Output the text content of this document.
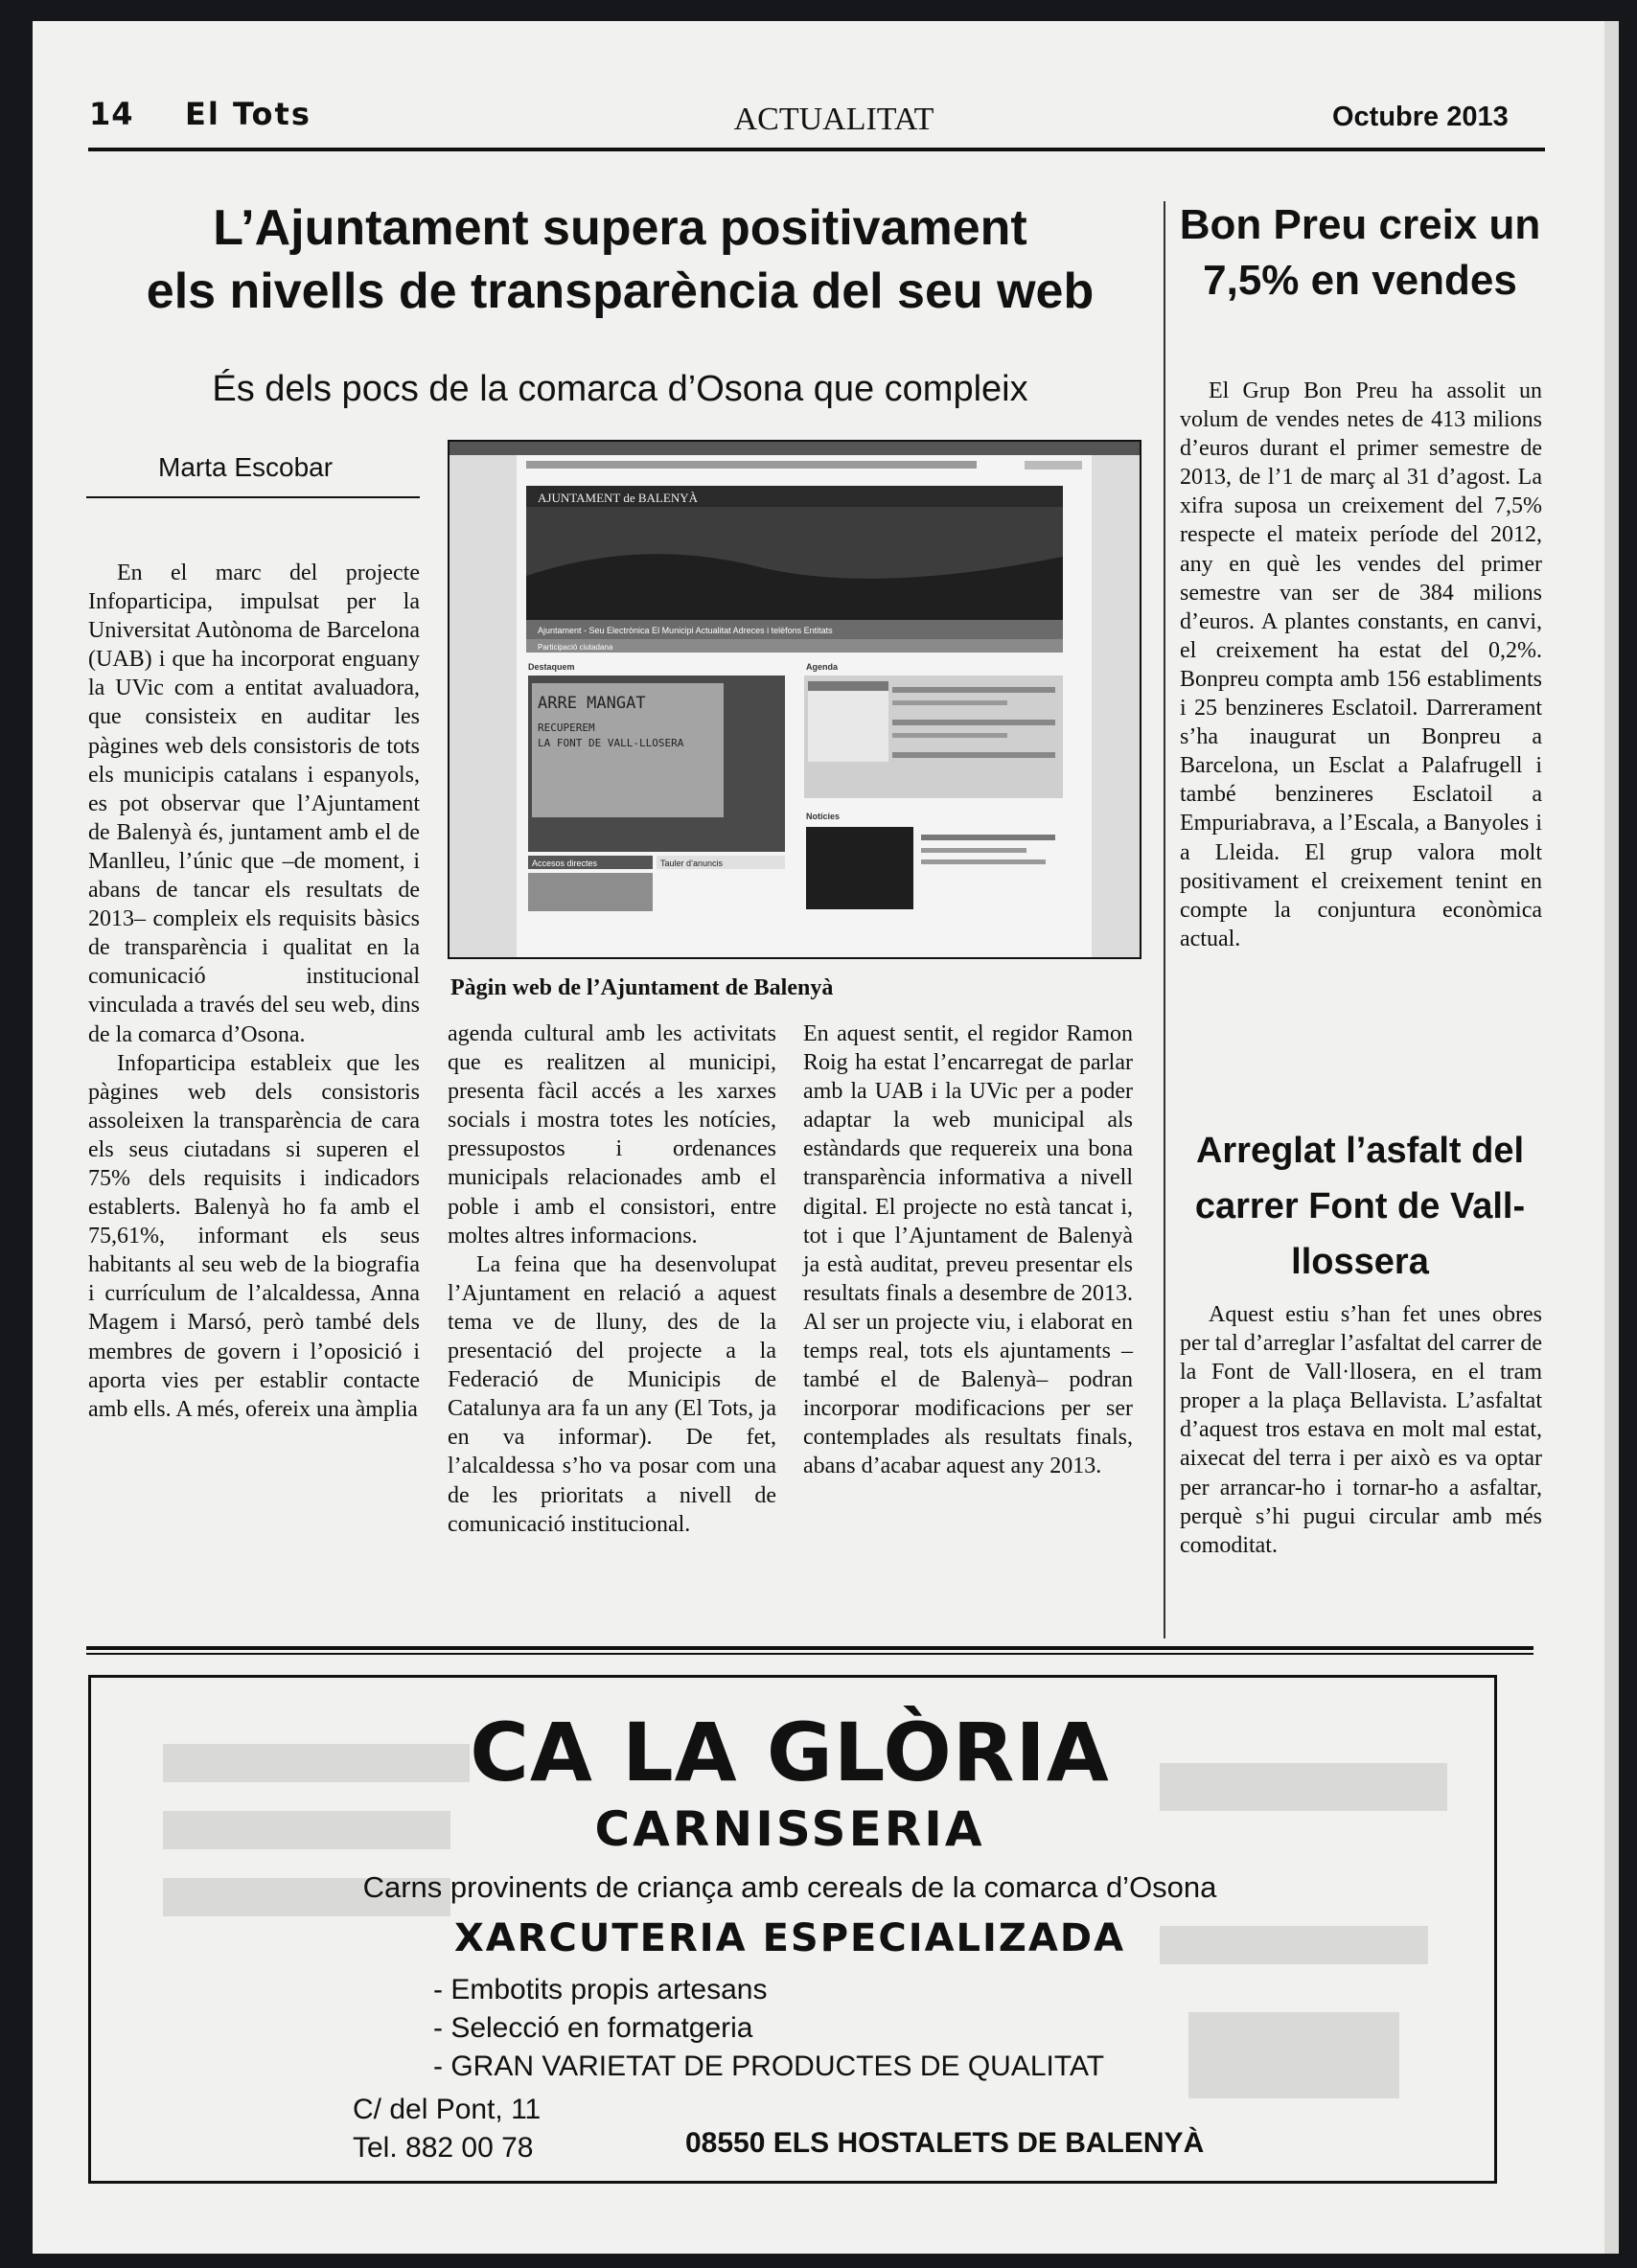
14 El Tots	ACTUALITAT	Octubre 2013
L’Ajuntament supera positivament
els nivells de transparència del seu web
És dels pocs de la comarca d’Osona que compleix
Marta Escobar

En el marc del projecte Infoparticipa, impulsat per la Universitat Autònoma de Barcelona (UAB) i que ha incorporat enguany la UVic com a entitat avaluadora, que consisteix en auditar les pàgines web dels consistoris de tots els municipis catalans i espanyols, es pot observar que l’Ajuntament de Balenyà és, juntament amb el de Manlleu, l’únic que –de moment, i abans de tancar els resultats de 2013– compleix els requisits bàsics de transparència i qualitat en la comunicació institucional vinculada a través del seu web, dins de la comarca d’Osona.

Infoparticipa estableix que les pàgines web dels consistoris assoleixen la transparència de cara els seus ciutadans si superen el 75% dels requisits i indicadors establerts. Balenyà ho fa amb el 75,61%, informant els seus habitants al seu web de la biografia i currículum de l’alcaldessa, Anna Magem i Marsó, però també dels membres de govern i l’oposició i aporta vies per establir contacte amb ells. A més, ofereix una àmplia

AJUNTAMENT de BALENYÀ
Ajuntament - Seu Electrònica El Municipi Actualitat Adreces i telèfons Entitats
Participació ciutadana
Destaquem	Agenda
ARRE MANGAT
RECUPEREM
LA FONT DE VALL-LLOSERA
Notícies
Accesos directes	Tauler d’anuncis
Pàgin web de l’Ajuntament de Balenyà

agenda cultural amb les activitats que es realitzen al municipi, presenta fàcil accés a les xarxes socials i mostra totes les notícies, pressupostos i ordenances municipals relacionades amb el poble i amb el consistori, entre moltes altres informacions.

La feina que ha desenvolupat l’Ajuntament en relació a aquest tema ve de lluny, des de la presentació del projecte a la Federació de Municipis de Catalunya ara fa un any (El Tots, ja en va informar). De fet, l’alcaldessa s’ho va posar com una de les prioritats a nivell de comunicació institucional.

En aquest sentit, el regidor Ramon Roig ha estat l’encarregat de parlar amb la UAB i la UVic per a poder adaptar la web municipal als estàndards que requereix una bona transparència informativa a nivell digital. El projecte no està tancat i, tot i que l’Ajuntament de Balenyà ja està auditat, preveu presentar els resultats finals a desembre de 2013. Al ser un projecte viu, i elaborat en temps real, tots els ajuntaments –també el de Balenyà– podran incorporar modificacions per ser contemplades als resultats finals, abans d’acabar aquest any 2013.

Bon Preu creix un 7,5% en vendes

El Grup Bon Preu ha assolit un volum de vendes netes de 413 milions d’euros durant el primer semestre de 2013, de l’1 de març al 31 d’agost. La xifra suposa un creixement del 7,5% respecte el mateix període del 2012, any en què les vendes del primer semestre van ser de 384 milions d’euros. A plantes constants, en canvi, el creixement ha estat del 0,2%. Bonpreu compta amb 156 establiments i 25 benzineres Esclatoil. Darrerament s’ha inaugurat un Bonpreu a Barcelona, un Esclat a Palafrugell i també benzineres Esclatoil a Empuriabrava, a l’Escala, a Banyoles i a Lleida. El grup valora molt positivament el creixement tenint en compte la conjuntura econòmica actual.

Arreglat l’asfalt del carrer Font de Vall-llossera

Aquest estiu s’han fet unes obres per tal d’arreglar l’asfaltat del carrer de la Font de Vall·llosera, en el tram proper a la plaça Bellavista. L’asfaltat d’aquest tros estava en molt mal estat, aixecat del terra i per això es va optar per arrancar-ho i tornar-ho a asfaltar, perquè s’hi pugui circular amb més comoditat.

CA LA GLÒRIA
CARNISSERIA
Carns provinents de criança amb cereals de la comarca d’Osona
XARCUTERIA ESPECIALIZADA
- Embotits propis artesans
- Selecció en formatgeria
- GRAN VARIETAT DE PRODUCTES DE QUALITAT
C/ del Pont, 11
Tel. 882 00 78	08550 ELS HOSTALETS DE BALENYÀ
